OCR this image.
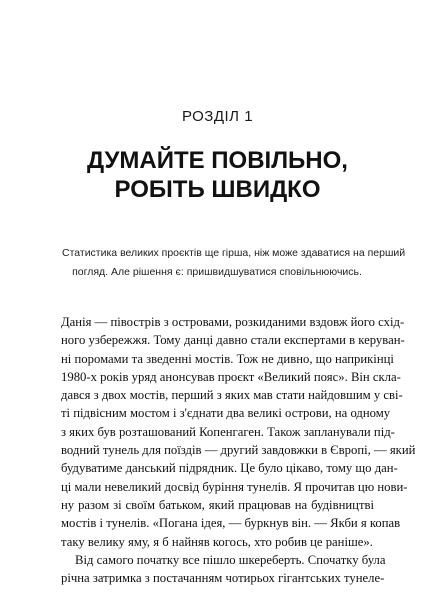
РОЗДІЛ 1
ДУМАЙТЕ ПОВІЛЬНО,
РОБІТЬ ШВИДКО
Статистика великих проєктів ще гірша, ніж може здаватися на перший
погляд. Але рішення є: пришвидшуватися сповільнюючись.
Данія — півострів з островами, розкиданими вздовж його схід-
ного узбережжя. Тому данці давно стали експертами в керуван-
ні поромами та зведенні мостів. Тож не дивно, що наприкінці
1980-х років уряд анонсував проєкт «Великий пояс». Він скла-
дався з двох мостів, перший з яких мав стати найдовшим у сві-
ті підвісним мостом і з'єднати два великі острови, на одному
з яких був розташований Копенгаген. Також запланували під-
водний тунель для поїздів — другий завдовжки в Європі, — який
будуватиме данський підрядник. Це було цікаво, тому що дан-
ці мали невеликий досвід буріння тунелів. Я прочитав цю нови-
ну разом зі своїм батьком, який працював на будівництві
мостів і тунелів. «Погана ідея, — буркнув він. — Якби я копав
таку велику яму, я б найняв когось, хто робив це раніше».
Від самого початку все пішло шкереберть. Спочатку була
річна затримка з постачанням чотирьох гігантських тунеле-
